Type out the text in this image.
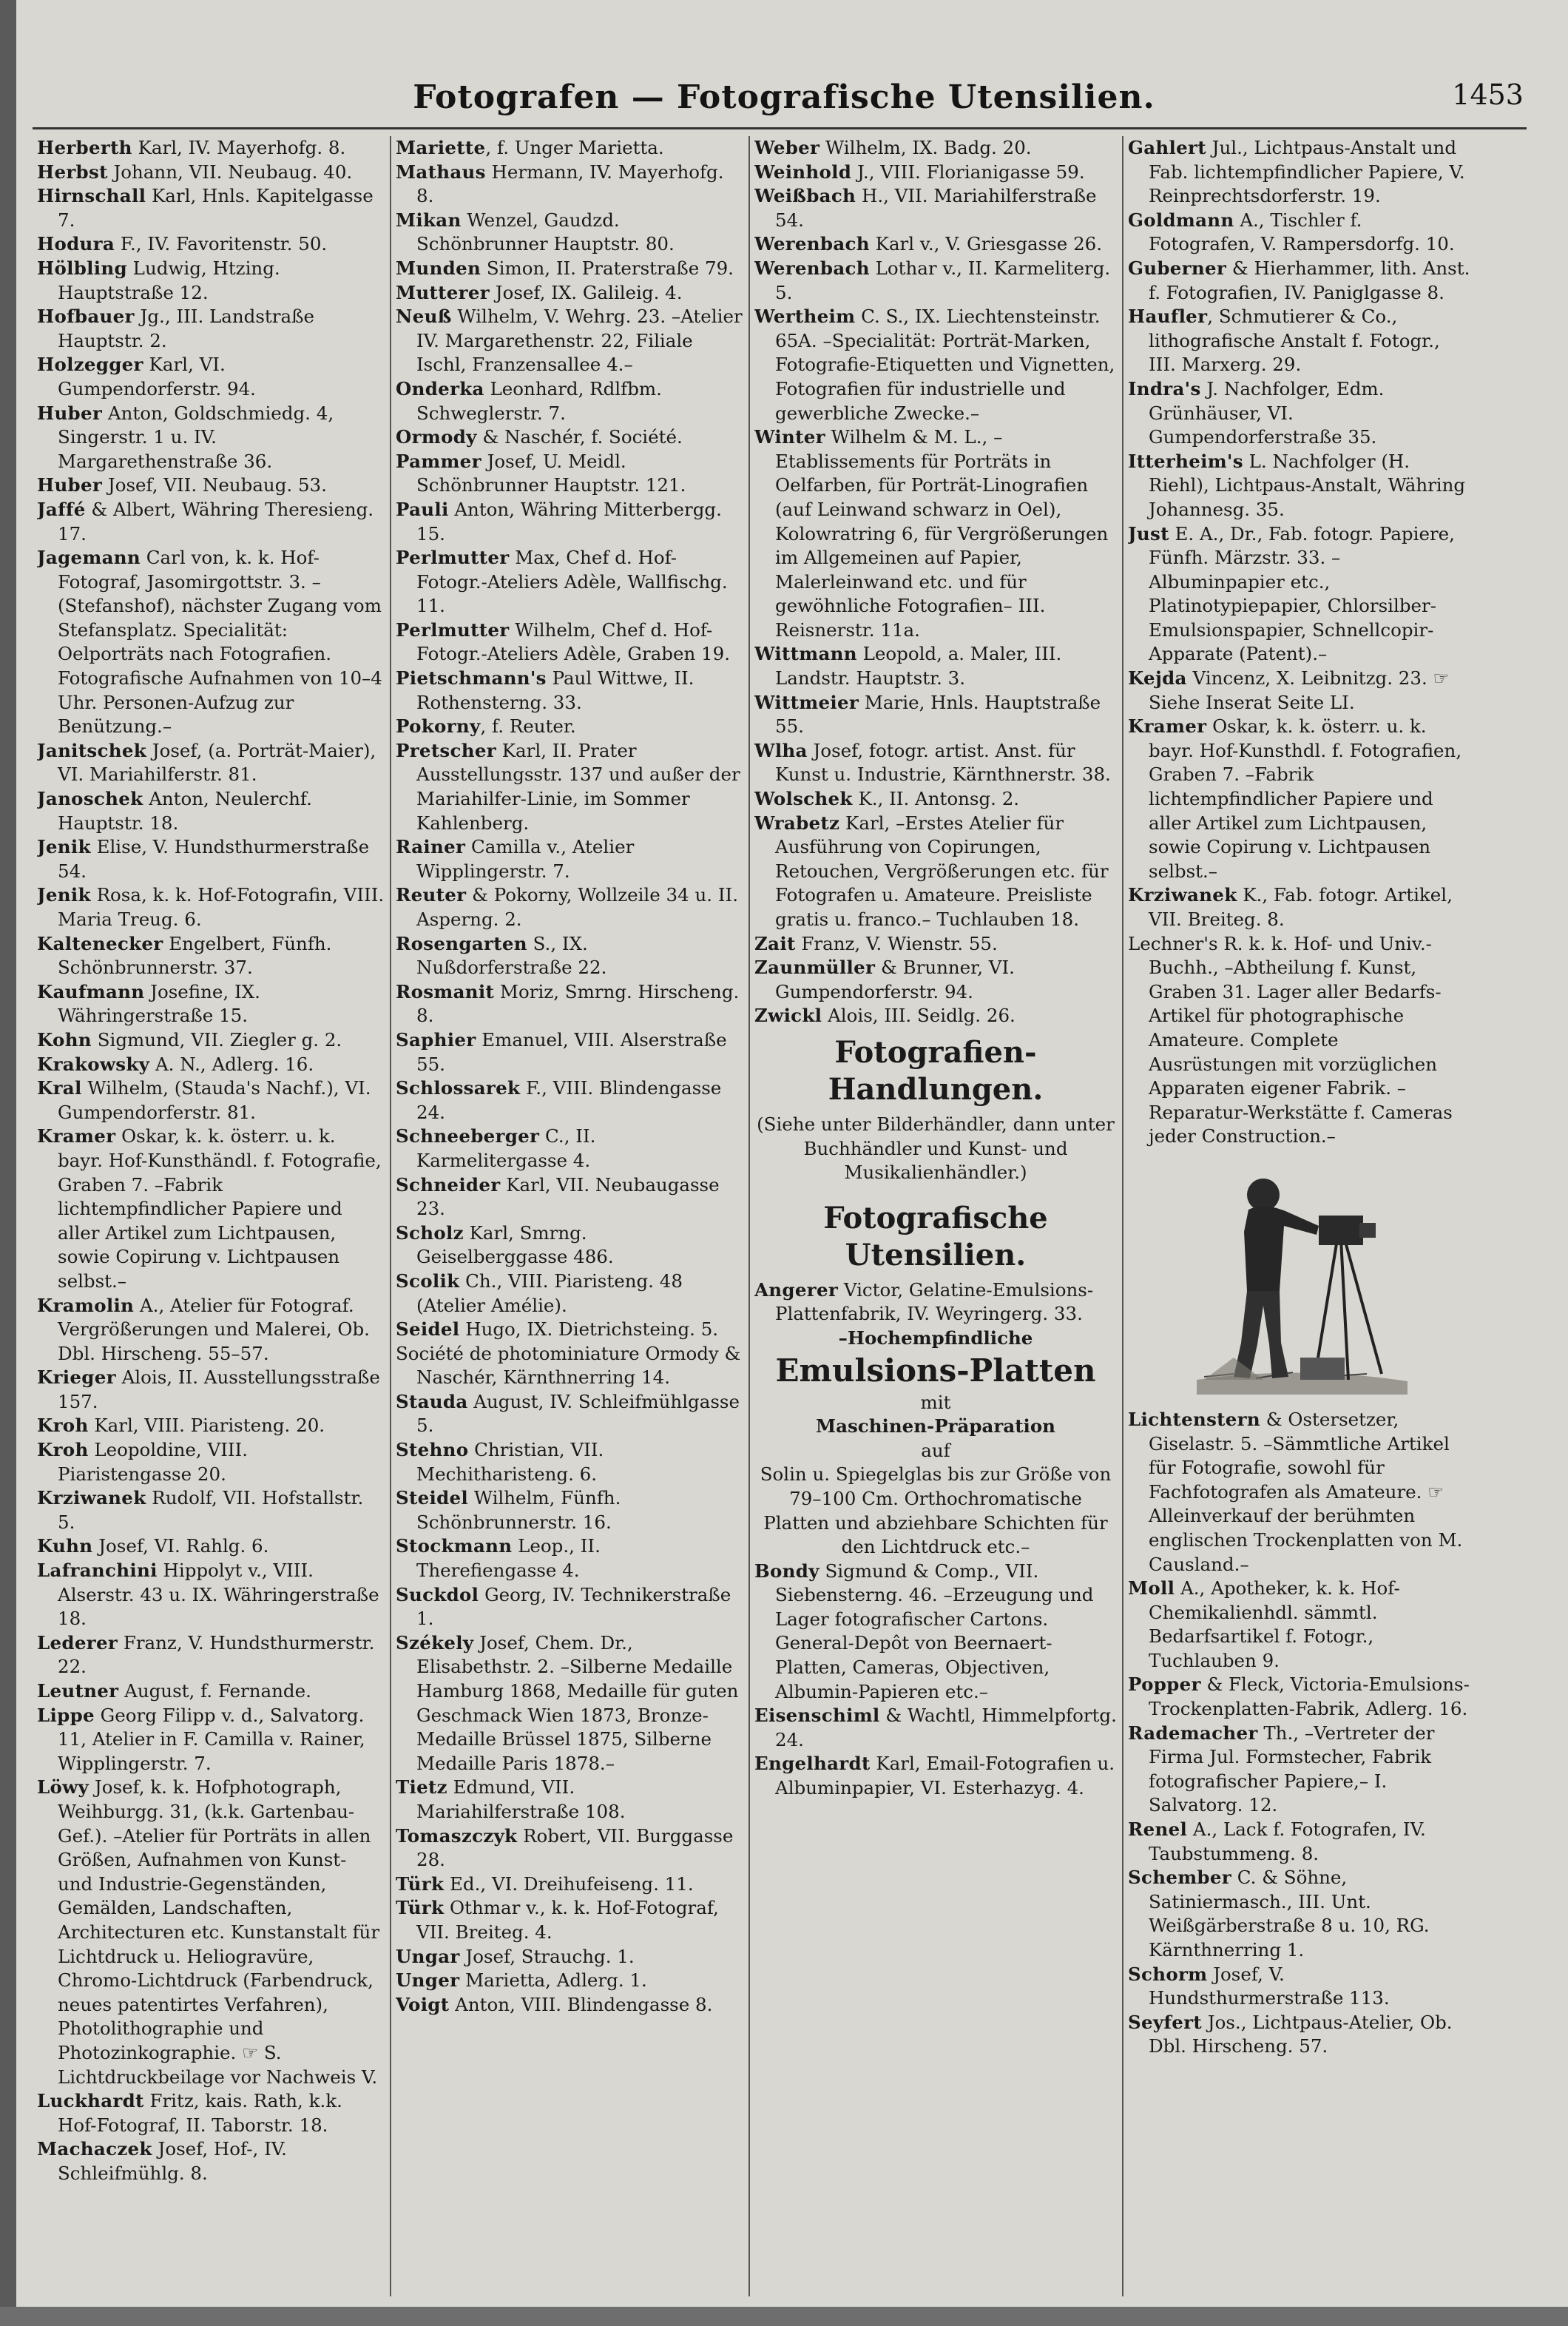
Fotografen — Fotografische Utensilien.	1453
Herberth Karl, IV. Mayerhofg. 8.
Herbst Johann, VII. Neubaug. 40.
Hirnschall Karl, Hnls. Kapitelgasse 7.
Hodura F., IV. Favoritenstr. 50.
Hölbling Ludwig, Htzing. Hauptstraße 12.
Hofbauer Jg., III. Landstraße Hauptstr. 2.
Holzegger Karl, VI. Gumpendorferstr. 94.
Huber Anton, Goldschmiedg. 4, Singerstr. 1 u. IV. Margarethenstraße 36.
Huber Josef, VII. Neubaug. 53.
Jaffé & Albert, Währing Theresieng. 17.
Jagemann Carl von, k. k. Hof-Fotograf, Jasomirgottstr. 3. –(Stefanshof), nächster Zugang vom Stefansplatz. Specialität: Oelporträts nach Fotografien. Fotografische Aufnahmen von 10–4 Uhr. Personen-Aufzug zur Benützung.–
Janitschek Josef, (a. Porträt-Maier), VI. Mariahilferstr. 81.
Janoschek Anton, Neulerchf. Hauptstr. 18.
Jenik Elise, V. Hundsthurmerstraße 54.
Jenik Rosa, k. k. Hof-Fotografin, VIII. Maria Treug. 6.
Kaltenecker Engelbert, Fünfh. Schönbrunnerstr. 37.
Kaufmann Josefine, IX. Währingerstraße 15.
Kohn Sigmund, VII. Ziegler g. 2.
Krakowsky A. N., Adlerg. 16.
Kral Wilhelm, (Stauda's Nachf.), VI. Gumpendorferstr. 81.
Kramer Oskar, k. k. österr. u. k. bayr. Hof-Kunsthändl. f. Fotografie, Graben 7. –Fabrik lichtempfindlicher Papiere und aller Artikel zum Lichtpausen, sowie Copirung v. Lichtpausen selbst.–
Kramolin A., Atelier für Fotograf. Vergrößerungen und Malerei, Ob. Dbl. Hirscheng. 55–57.
Krieger Alois, II. Ausstellungsstraße 157.
Kroh Karl, VIII. Piaristeng. 20.
Kroh Leopoldine, VIII. Piaristengasse 20.
Krziwanek Rudolf, VII. Hofstallstr. 5.
Kuhn Josef, VI. Rahlg. 6.
Lafranchini Hippolyt v., VIII. Alserstr. 43 u. IX. Währingerstraße 18.
Lederer Franz, V. Hundsthurmerstr. 22.
Leutner August, f. Fernande.
Lippe Georg Filipp v. d., Salvatorg. 11, Atelier in F. Camilla v. Rainer, Wipplingerstr. 7.
Löwy Josef, k. k. Hofphotograph, Weihburgg. 31, (k.k. Gartenbau-Gef.). –Atelier für Porträts in allen Größen, Aufnahmen von Kunst- und Industrie-Gegenständen, Gemälden, Landschaften, Architecturen etc. Kunstanstalt für Lichtdruck u. Heliogravüre, Chromo-Lichtdruck (Farbendruck, neues patentirtes Verfahren), Photolithographie und Photozinkographie. ☞ S. Lichtdruckbeilage vor Nachweis V.
Luckhardt Fritz, kais. Rath, k.k. Hof-Fotograf, II. Taborstr. 18.
Machaczek Josef, Hof-, IV. Schleifmühlg. 8.
Mariette, f. Unger Marietta.
Mathaus Hermann, IV. Mayerhofg. 8.
Mikan Wenzel, Gaudzd. Schönbrunner Hauptstr. 80.
Munden Simon, II. Praterstraße 79.
Mutterer Josef, IX. Galileig. 4.
Neuß Wilhelm, V. Wehrg. 23. –Atelier IV. Margarethenstr. 22, Filiale Ischl, Franzensallee 4.–
Onderka Leonhard, Rdlfbm. Schweglerstr. 7.
Ormody & Naschér, f. Société.
Pammer Josef, U. Meidl. Schönbrunner Hauptstr. 121.
Pauli Anton, Währing Mitterbergg. 15.
Perlmutter Max, Chef d. Hof-Fotogr.-Ateliers Adèle, Wallfischg. 11.
Perlmutter Wilhelm, Chef d. Hof-Fotogr.-Ateliers Adèle, Graben 19.
Pietschmann's Paul Wittwe, II. Rothensterng. 33.
Pokorny, f. Reuter.
Pretscher Karl, II. Prater Ausstellungsstr. 137 und außer der Mariahilfer-Linie, im Sommer Kahlenberg.
Rainer Camilla v., Atelier Wipplingerstr. 7.
Reuter & Pokorny, Wollzeile 34 u. II. Asperng. 2.
Rosengarten S., IX. Nußdorferstraße 22.
Rosmanit Moriz, Smrng. Hirscheng. 8.
Saphier Emanuel, VIII. Alserstraße 55.
Schlossarek F., VIII. Blindengasse 24.
Schneeberger C., II. Karmelitergasse 4.
Schneider Karl, VII. Neubaugasse 23.
Scholz Karl, Smrng. Geiselberggasse 486.
Scolik Ch., VIII. Piaristeng. 48 (Atelier Amélie).
Seidel Hugo, IX. Dietrichsteing. 5.
Société de photominiature Ormody & Naschér, Kärnthnerring 14.
Stauda August, IV. Schleifmühlgasse 5.
Stehno Christian, VII. Mechitharisteng. 6.
Steidel Wilhelm, Fünfh. Schönbrunnerstr. 16.
Stockmann Leop., II. Therefiengasse 4.
Suckdol Georg, IV. Technikerstraße 1.
Székely Josef, Chem. Dr., Elisabethstr. 2. –Silberne Medaille Hamburg 1868, Medaille für guten Geschmack Wien 1873, Bronze-Medaille Brüssel 1875, Silberne Medaille Paris 1878.–
Tietz Edmund, VII. Mariahilferstraße 108.
Tomaszczyk Robert, VII. Burggasse 28.
Türk Ed., VI. Dreihufeiseng. 11.
Türk Othmar v., k. k. Hof-Fotograf, VII. Breiteg. 4.
Ungar Josef, Strauchg. 1.
Unger Marietta, Adlerg. 1.
Voigt Anton, VIII. Blindengasse 8.
Weber Wilhelm, IX. Badg. 20.
Weinhold J., VIII. Florianigasse 59.
Weißbach H., VII. Mariahilferstraße 54.
Werenbach Karl v., V. Griesgasse 26.
Werenbach Lothar v., II. Karmeliterg. 5.
Wertheim C. S., IX. Liechtensteinstr. 65A. –Specialität: Porträt-Marken, Fotografie-Etiquetten und Vignetten, Fotografien für industrielle und gewerbliche Zwecke.–
Winter Wilhelm & M. L., –Etablissements für Porträts in Oelfarben, für Porträt-Linografien (auf Leinwand schwarz in Oel), Kolowratring 6, für Vergrößerungen im Allgemeinen auf Papier, Malerleinwand etc. und für gewöhnliche Fotografien– III. Reisnerstr. 11a.
Wittmann Leopold, a. Maler, III. Landstr. Hauptstr. 3.
Wittmeier Marie, Hnls. Hauptstraße 55.
Wlha Josef, fotogr. artist. Anst. für Kunst u. Industrie, Kärnthnerstr. 38.
Wolschek K., II. Antonsg. 2.
Wrabetz Karl, –Erstes Atelier für Ausführung von Copirungen, Retouchen, Vergrößerungen etc. für Fotografen u. Amateure. Preisliste gratis u. franco.– Tuchlauben 18.
Zait Franz, V. Wienstr. 55.
Zaunmüller & Brunner, VI. Gumpendorferstr. 94.
Zwickl Alois, III. Seidlg. 26.
Fotografien-Handlungen.
(Siehe unter Bilderhändler, dann unter Buchhändler und Kunst- und Musikalienhändler.)
Fotografische Utensilien.
Angerer Victor, Gelatine-Emulsions-Plattenfabrik, IV. Weyringerg. 33.
–Hochempfindliche
Emulsions-Platten
mit
Maschinen-Präparation
auf
Solin u. Spiegelglas bis zur Größe von 79–100 Cm. Orthochromatische Platten und abziehbare Schichten für den Lichtdruck etc.–
Bondy Sigmund & Comp., VII. Siebensterng. 46. –Erzeugung und Lager fotografischer Cartons. General-Depôt von Beernaert-Platten, Cameras, Objectiven, Albumin-Papieren etc.–
Eisenschiml & Wachtl, Himmelpfortg. 24.
Engelhardt Karl, Email-Fotografien u. Albuminpapier, VI. Esterhazyg. 4.
Gahlert Jul., Lichtpaus-Anstalt und Fab. lichtempfindlicher Papiere, V. Reinprechtsdorferstr. 19.
Goldmann A., Tischler f. Fotografen, V. Rampersdorfg. 10.
Guberner & Hierhammer, lith. Anst. f. Fotografien, IV. Paniglgasse 8.
Haufler, Schmutierer & Co., lithografische Anstalt f. Fotogr., III. Marxerg. 29.
Indra's J. Nachfolger, Edm. Grünhäuser, VI. Gumpendorferstraße 35.
Itterheim's L. Nachfolger (H. Riehl), Lichtpaus-Anstalt, Währing Johannesg. 35.
Just E. A., Dr., Fab. fotogr. Papiere, Fünfh. Märzstr. 33. –Albuminpapier etc., Platinotypiepapier, Chlorsilber-Emulsionspapier, Schnellcopir-Apparate (Patent).–
Kejda Vincenz, X. Leibnitzg. 23. ☞ Siehe Inserat Seite LI.
Kramer Oskar, k. k. österr. u. k. bayr. Hof-Kunsthdl. f. Fotografien, Graben 7. –Fabrik lichtempfindlicher Papiere und aller Artikel zum Lichtpausen, sowie Copirung v. Lichtpausen selbst.–
Krziwanek K., Fab. fotogr. Artikel, VII. Breiteg. 8.
Lechner's R. k. k. Hof- und Univ.-Buchh., –Abtheilung f. Kunst, Graben 31. Lager aller Bedarfs-Artikel für photographische Amateure. Complete Ausrüstungen mit vorzüglichen Apparaten eigener Fabrik. – Reparatur-Werkstätte f. Cameras jeder Construction.–
Lichtenstern & Ostersetzer, Giselastr. 5. –Sämmtliche Artikel für Fotografie, sowohl für Fachfotografen als Amateure. ☞ Alleinverkauf der berühmten englischen Trockenplatten von M. Causland.–
Moll A., Apotheker, k. k. Hof-Chemikalienhdl. sämmtl. Bedarfsartikel f. Fotogr., Tuchlauben 9.
Popper & Fleck, Victoria-Emulsions-Trockenplatten-Fabrik, Adlerg. 16.
Rademacher Th., –Vertreter der Firma Jul. Formstecher, Fabrik fotografischer Papiere,– I. Salvatorg. 12.
Renel A., Lack f. Fotografen, IV. Taubstummeng. 8.
Schember C. & Söhne, Satiniermasch., III. Unt. Weißgärberstraße 8 u. 10, RG. Kärnthnerring 1.
Schorm Josef, V. Hundsthurmerstraße 113.
Seyfert Jos., Lichtpaus-Atelier, Ob. Dbl. Hirscheng. 57.
